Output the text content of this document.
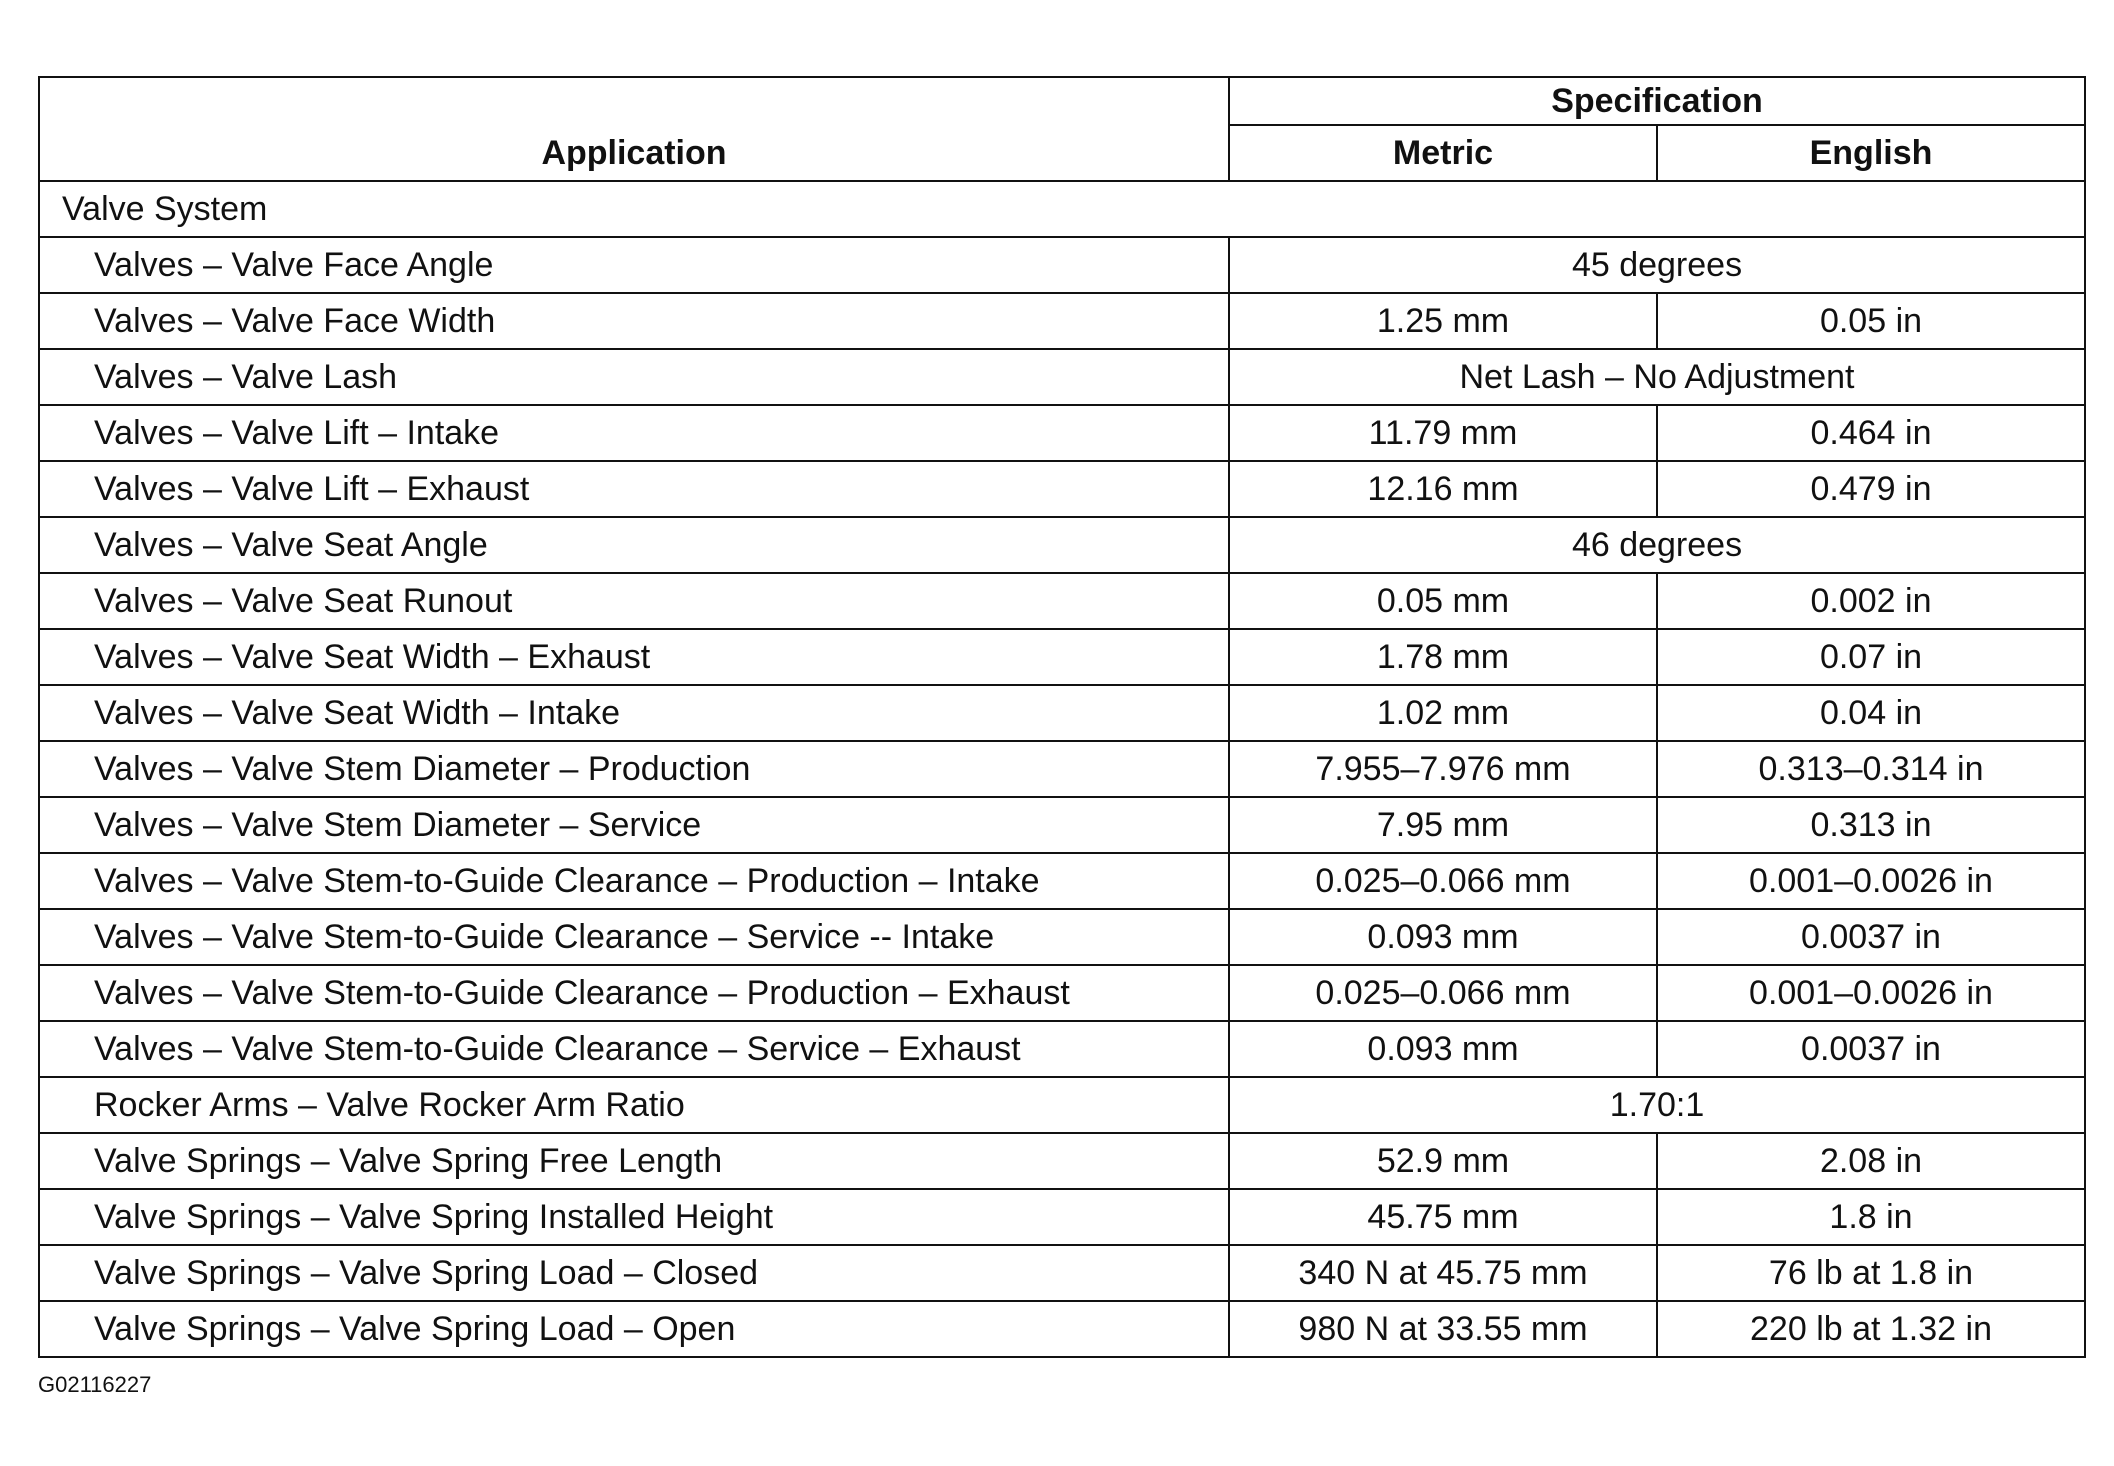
Application	Specification	
	Metric	English
Valve System		
Valves – Valve Face Angle	45 degrees	
Valves – Valve Face Width	1.25 mm	0.05 in
Valves – Valve Lash	Net Lash – No Adjustment	
Valves – Valve Lift – Intake	11.79 mm	0.464 in
Valves – Valve Lift – Exhaust	12.16 mm	0.479 in
Valves – Valve Seat Angle	46 degrees	
Valves – Valve Seat Runout	0.05 mm	0.002 in
Valves – Valve Seat Width – Exhaust	1.78 mm	0.07 in
Valves – Valve Seat Width – Intake	1.02 mm	0.04 in
Valves – Valve Stem Diameter – Production	7.955–7.976 mm	0.313–0.314 in
Valves – Valve Stem Diameter – Service	7.95 mm	0.313 in
Valves – Valve Stem-to-Guide Clearance – Production – Intake	0.025–0.066 mm	0.001–0.0026 in
Valves – Valve Stem-to-Guide Clearance – Service -- Intake	0.093 mm	0.0037 in
Valves – Valve Stem-to-Guide Clearance – Production – Exhaust	0.025–0.066 mm	0.001–0.0026 in
Valves – Valve Stem-to-Guide Clearance – Service – Exhaust	0.093 mm	0.0037 in
Rocker Arms – Valve Rocker Arm Ratio	1.70:1	
Valve Springs – Valve Spring Free Length	52.9 mm	2.08 in
Valve Springs – Valve Spring Installed Height	45.75 mm	1.8 in
Valve Springs – Valve Spring Load – Closed	340 N at 45.75 mm	76 lb at 1.8 in
Valve Springs – Valve Spring Load – Open	980 N at 33.55 mm	220 lb at 1.32 in
G02116227
